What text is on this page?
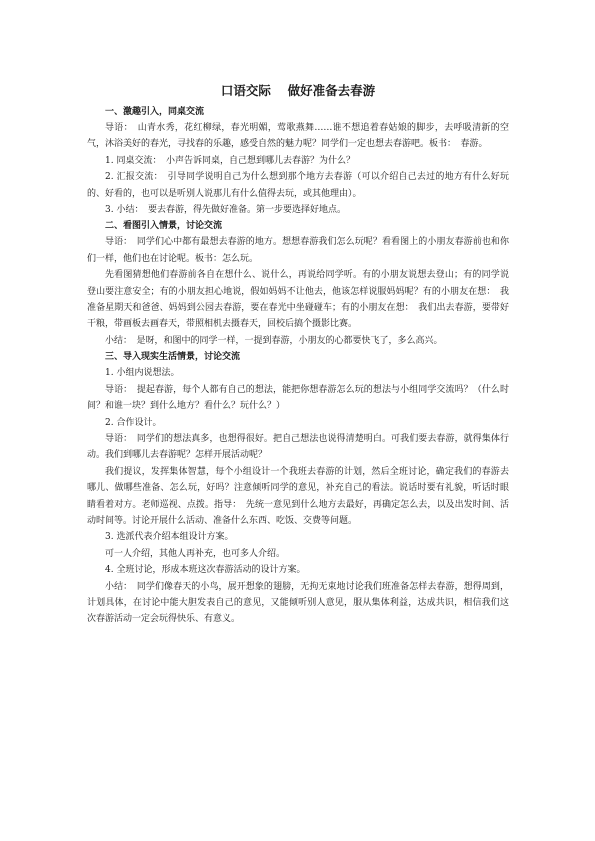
口语交际　 做好准备去春游

一、激趣引入，同桌交流

导语：　山青水秀，花红柳绿，春光明媚，莺歌燕舞……谁不想追着春姑娘的脚步，去呼吸清新的空气，沐浴美好的春光，寻找春的乐趣，感受自然的魅力呢？同学们一定也想去春游吧。板书：　春游。

1. 同桌交流：　小声告诉同桌，自己想到哪儿去春游？为什么？

2. 汇报交流：　引导同学说明自己为什么想到那个地方去春游（可以介绍自己去过的地方有什么好玩的、好看的，也可以是听别人说那儿有什么值得去玩，或其他理由）。

3. 小结：　要去春游，得先做好准备。第一步要选择好地点。

二、看图引入情景，讨论交流

导语：　同学们心中都有最想去春游的地方。想想春游我们怎么玩呢？看看图上的小朋友春游前也和你们一样，他们也在讨论呢。板书：怎么玩。

先看图猜想他们春游前各自在想什么、说什么，再说给同学听。有的小朋友说想去登山；有的同学说登山要注意安全；有的小朋友担心地说，假如妈妈不让他去，他该怎样说服妈妈呢？有的小朋友在想：　我准备星期天和爸爸、妈妈到公园去春游，要在春光中坐碰碰车；有的小朋友在想：　我们出去春游，要带好干粮，带画板去画春天，带照相机去摄春天，回校后搞个摄影比赛。

小结：　是呀，和图中的同学一样，一提到春游，小朋友的心都要快飞了，多么高兴。

三、导入现实生活情景，讨论交流

1. 小组内说想法。

导语：　提起春游，每个人都有自己的想法，能把你想春游怎么玩的想法与小组同学交流吗？（什么时间？和谁一块？到什么地方？看什么？玩什么？）

2. 合作设计。

导语：　同学们的想法真多，也想得很好。把自己想法也说得清楚明白。可我们要去春游，就得集体行动。我们到哪儿去春游呢？怎样开展活动呢？

我们提议，发挥集体智慧，每个小组设计一个我班去春游的计划，然后全班讨论，确定我们的春游去哪儿、做哪些准备、怎么玩，好吗？注意倾听同学的意见，补充自己的看法。说话时要有礼貌，听话时眼睛看着对方。老师巡视、点拨。指导：　先统一意见到什么地方去最好，再确定怎么去，以及出发时间、活动时间等。讨论开展什么活动、准备什么东西、吃饭、交费等问题。

3. 选派代表介绍本组设计方案。

可一人介绍，其他人再补充，也可多人介绍。

4. 全班讨论，形成本班这次春游活动的设计方案。

小结：　同学们像春天的小鸟，展开想象的翅膀，无拘无束地讨论我们班准备怎样去春游，想得周到，计划具体，在讨论中能大胆发表自己的意见，又能倾听别人意见，服从集体利益，达成共识，相信我们这次春游活动一定会玩得快乐、有意义。
